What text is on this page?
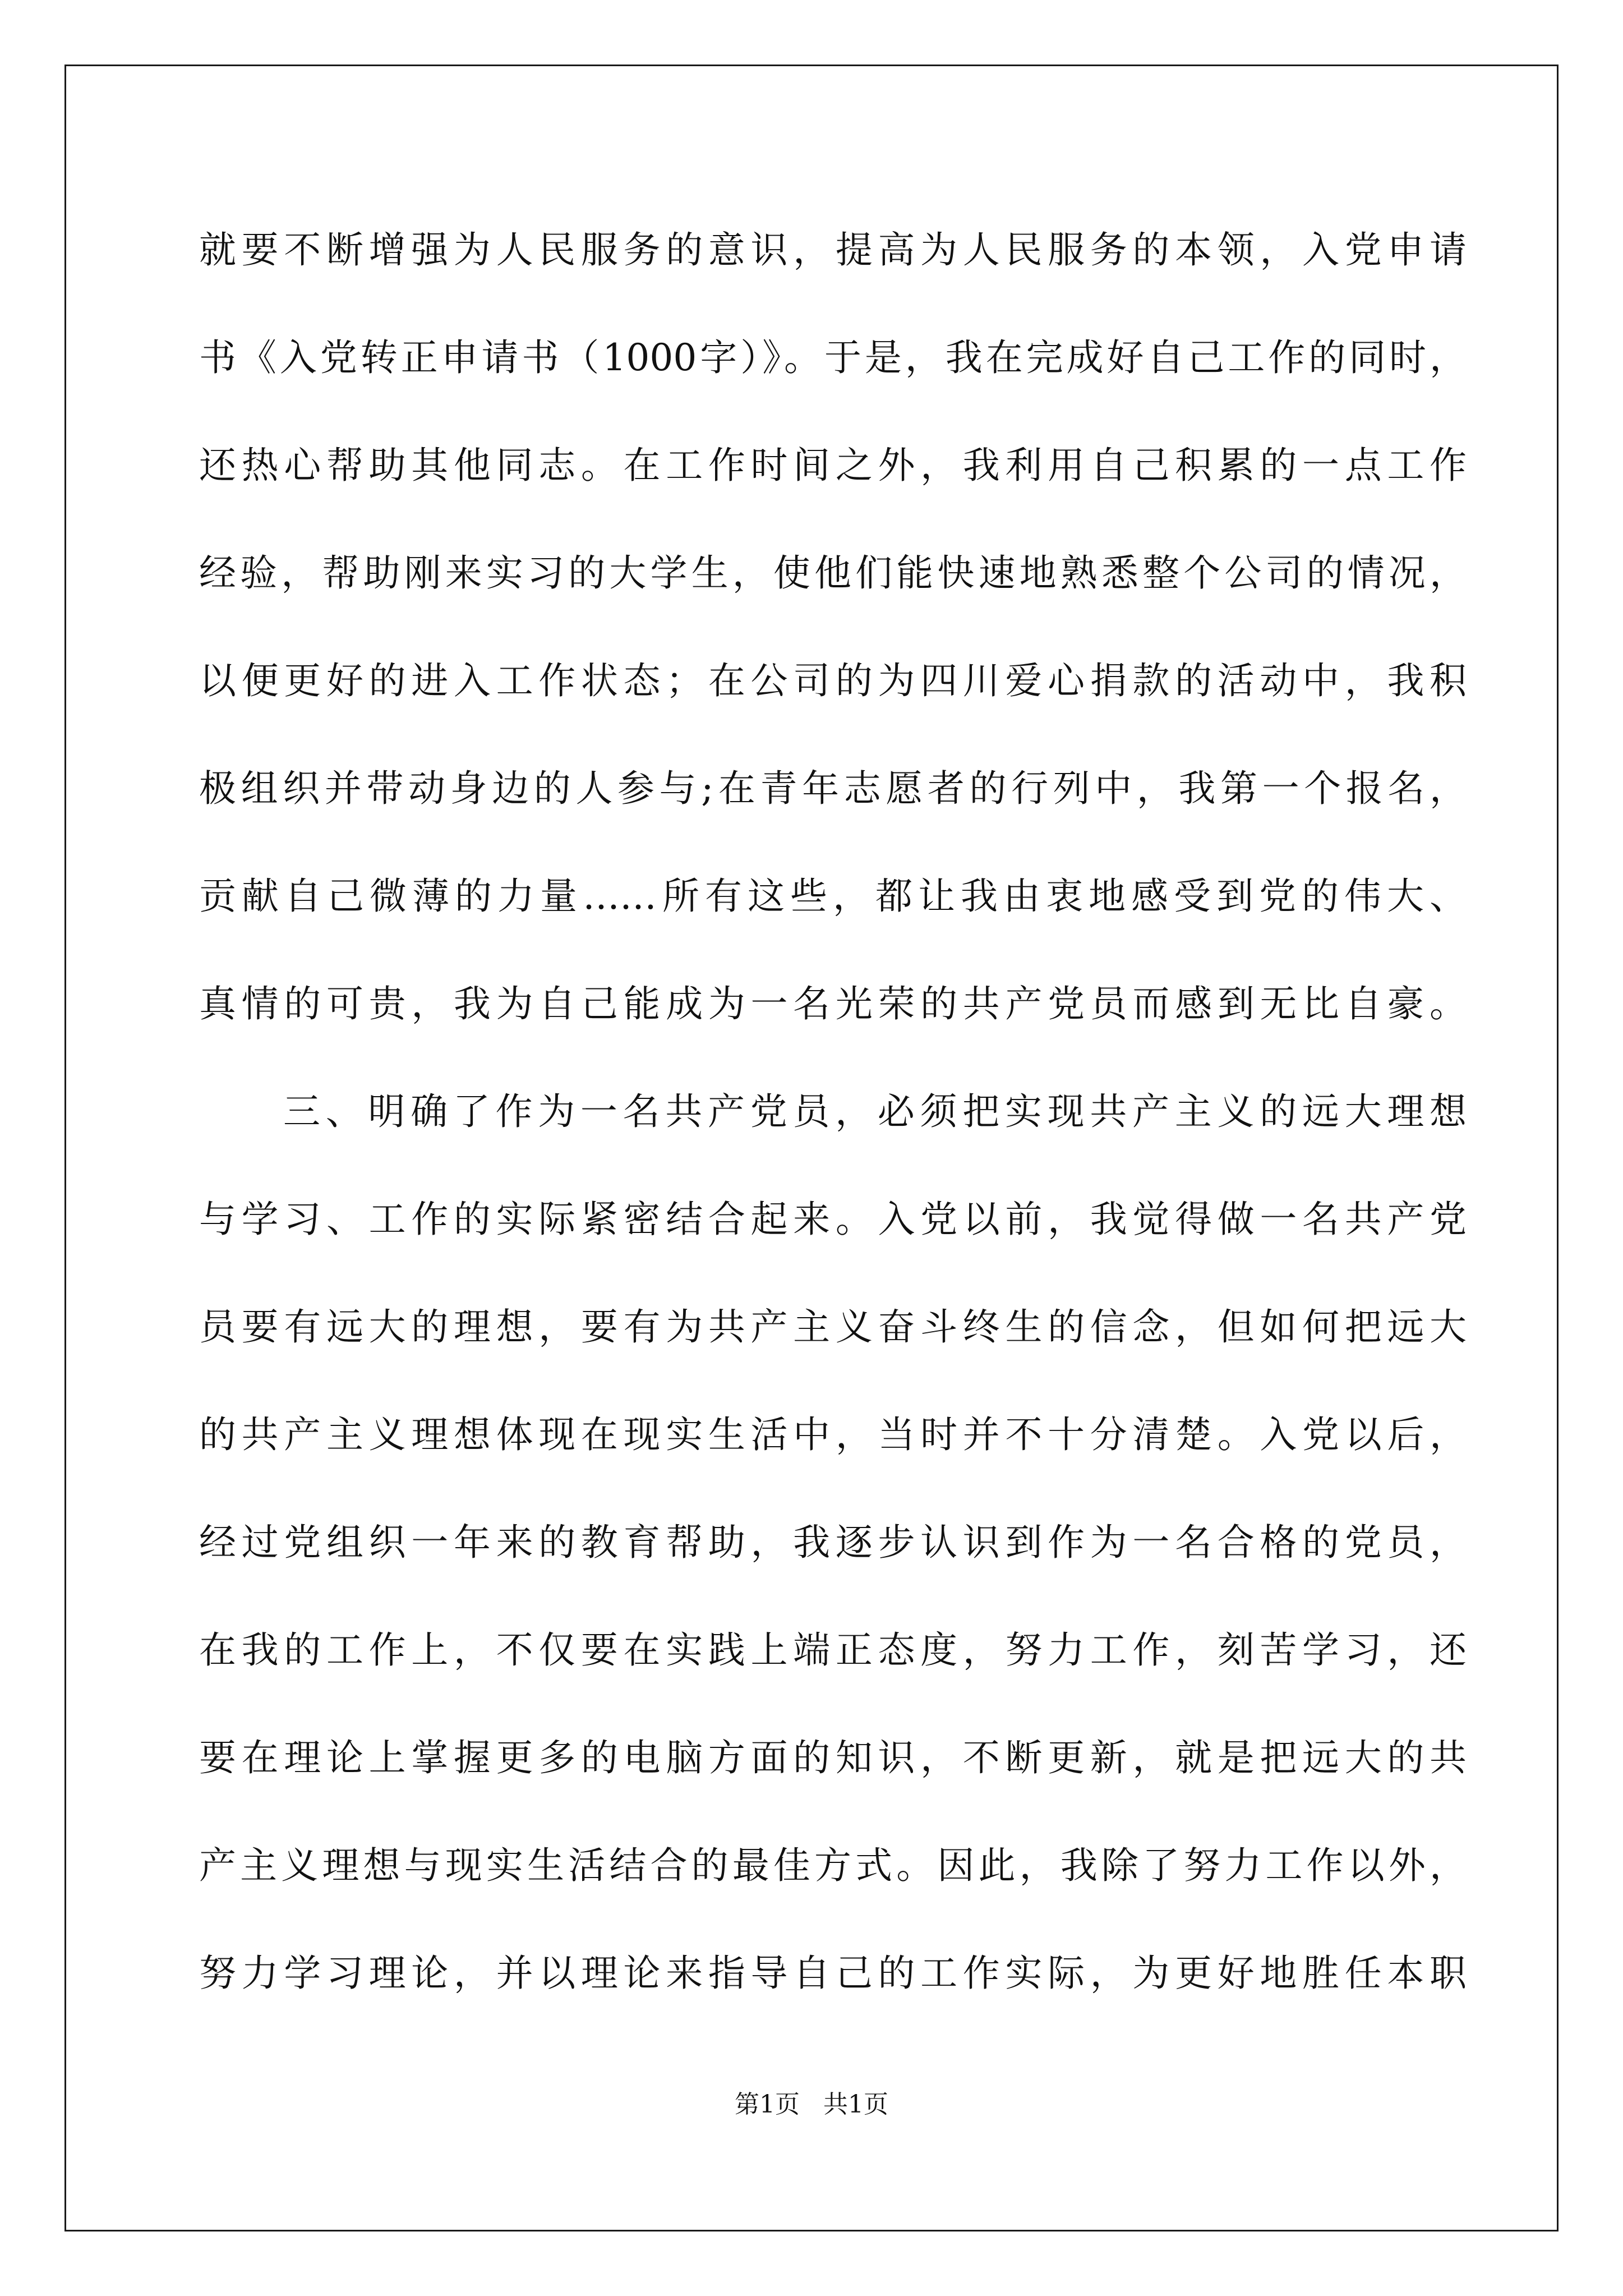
就要不断增强为人民服务的意识，提高为人民服务的本领，入党申请
书《入党转正申请书（1000字）》。于是，我在完成好自己工作的同时，
还热心帮助其他同志。在工作时间之外，我利用自己积累的一点工作
经验，帮助刚来实习的大学生，使他们能快速地熟悉整个公司的情况，
以便更好的进入工作状态；在公司的为四川爱心捐款的活动中，我积
极组织并带动身边的人参与;在青年志愿者的行列中，我第一个报名，
贡献自己微薄的力量……所有这些，都让我由衷地感受到党的伟大、
真情的可贵，我为自己能成为一名光荣的共产党员而感到无比自豪。
三、明确了作为一名共产党员，必须把实现共产主义的远大理想
与学习、工作的实际紧密结合起来。入党以前，我觉得做一名共产党
员要有远大的理想，要有为共产主义奋斗终生的信念，但如何把远大
的共产主义理想体现在现实生活中，当时并不十分清楚。入党以后，
经过党组织一年来的教育帮助，我逐步认识到作为一名合格的党员，
在我的工作上，不仅要在实践上端正态度，努力工作，刻苦学习，还
要在理论上掌握更多的电脑方面的知识，不断更新，就是把远大的共
产主义理想与现实生活结合的最佳方式。因此，我除了努力工作以外，
努力学习理论，并以理论来指导自己的工作实际，为更好地胜任本职
第1页   共1页
